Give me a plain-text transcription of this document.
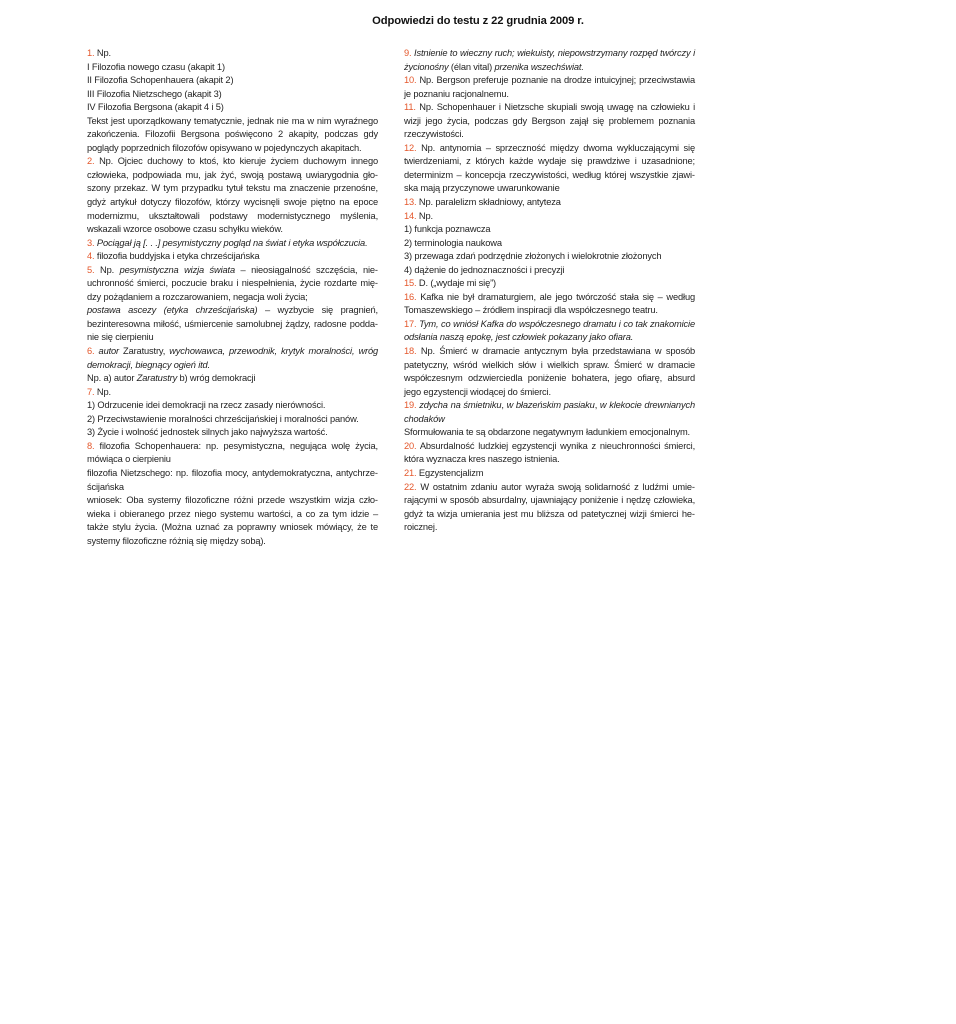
Odpowiedzi do testu z 22 grudnia 2009 r.

1. Np.

I Filozofia nowego czasu (akapit 1)

II Filozofia Schopenhauera (akapit 2)

III Filozofia Nietzschego (akapit 3)

IV Filozofia Bergsona (akapit 4 i 5)

Tekst jest uporządkowany tematycznie, jednak nie ma w nim wyraźnego zakończenia. Filozofii Bergsona poświęcono 2 akapity, podczas gdy poglądy poprzednich filozofów opisywano w pojedynczych akapitach.

2. Np. Ojciec duchowy to ktoś, kto kieruje życiem duchowym innego człowieka, podpowiada mu, jak żyć, swoją postawą uwiarygodnia głoszony przekaz. W tym przypadku tytuł tekstu ma znaczenie przenośne, gdyż artykuł dotyczy filozofów, którzy wycisnęli swoje piętno na epoce modernizmu, ukształtowali podstawy modernistycznego myślenia, wskazali wzorce osobowe czasu schyłku wieków.

3. Pociągał ją [. . .] pesymistyczny pogląd na świat i etyka współczucia.

4. filozofia buddyjska i etyka chrześcijańska

5. Np. pesymistyczna wizja świata – nieosiągalność szczęścia, nieuchronność śmierci, poczucie braku i niespełnienia, życie rozdarte między pożądaniem a rozczarowaniem, negacja woli życia;

postawa ascezy (etyka chrześcijańska) – wyzbycie się pragnień, bezinteresowna miłość, uśmiercenie samolubnej żądzy, radosne poddanie się cierpieniu

6. autor Zaratustry, wychowawca, przewodnik, krytyk moralności, wróg demokracji, biegnący ogień itd.

Np. a) autor Zaratustry b) wróg demokracji

7. Np.

1) Odrzucenie idei demokracji na rzecz zasady nierówności.

2) Przeciwstawienie moralności chrześcijańskiej i moralności panów.

3) Życie i wolność jednostek silnych jako najwyższa wartość.

8. filozofia Schopenhauera: np. pesymistyczna, negująca wolę życia, mówiąca o cierpieniu

filozofia Nietzschego: np. filozofia mocy, antydemokratyczna, antychrześcijańska

wniosek: Oba systemy filozoficzne różni przede wszystkim wizja człowieka i obieranego przez niego systemu wartości, a co za tym idzie – także stylu życia. (Można uznać za poprawny wniosek mówiący, że te systemy filozoficzne różnią się między sobą).

9. Istnienie to wieczny ruch; wiekuisty, niepowstrzymany rozpęd twórczy i życionośny (élan vital) przenika wszechświat.

10. Np. Bergson preferuje poznanie na drodze intuicyjnej; przeciwstawia je poznaniu racjonalnemu.

11. Np. Schopenhauer i Nietzsche skupiali swoją uwagę na człowieku i wizji jego życia, podczas gdy Bergson zajął się problemem poznania rzeczywistości.

12. Np. antynomia – sprzeczność między dwoma wykluczającymi się twierdzeniami, z których każde wydaje się prawdziwe i uzasadnione; determinizm – koncepcja rzeczywistości, według której wszystkie zjawiska mają przyczynowe uwarunkowanie

13. Np. paralelizm składniowy, antyteza

14. Np.

1) funkcja poznawcza

2) terminologia naukowa

3) przewaga zdań podrzędnie złożonych i wielokrotnie złożonych

4) dążenie do jednoznaczności i precyzji

15. D. („wydaje mi się”)

16. Kafka nie był dramaturgiem, ale jego twórczość stała się – według Tomaszewskiego – źródłem inspiracji dla współczesnego teatru.

17. Tym, co wniósł Kafka do współczesnego dramatu i co tak znakomicie odsłania naszą epokę, jest człowiek pokazany jako ofiara.

18. Np. Śmierć w dramacie antycznym była przedstawiana w sposób patetyczny, wśród wielkich słów i wielkich spraw. Śmierć w dramacie współczesnym odzwierciedla poniżenie bohatera, jego ofiarę, absurd jego egzystencji wiodącej do śmierci.

19. zdycha na śmietniku, w błazeńskim pasiaku, w klekocie drewnianych chodaków

Sformułowania te są obdarzone negatywnym ładunkiem emocjonalnym.

20. Absurdalność ludzkiej egzystencji wynika z nieuchronności śmierci, która wyznacza kres naszego istnienia.

21. Egzystencjalizm

22. W ostatnim zdaniu autor wyraża swoją solidarność z ludźmi umierającymi w sposób absurdalny, ujawniający poniżenie i nędzę człowieka, gdyż ta wizja umierania jest mu bliższa od patetycznej wizji śmierci heroicznej.
